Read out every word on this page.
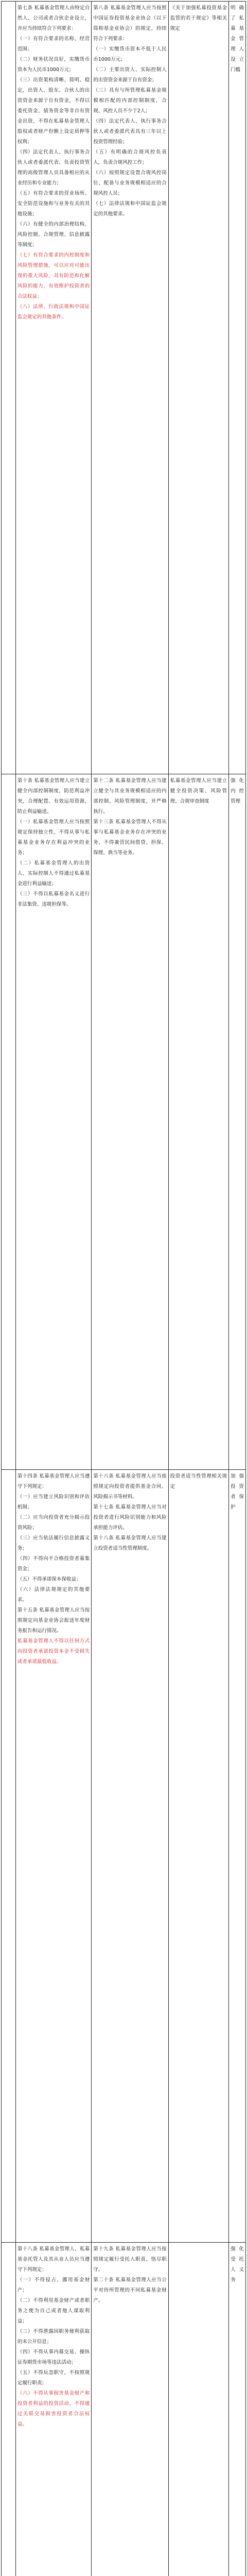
第七条 私募基金管理人由特定自然人、公司或者合伙企业设立，并应当持续符合下列要求：
（一）有符合要求的名称、经营范围；
（二）财务状况良好，实缴货币资本为人民币1000万元；
（三）出资架构清晰、简明、稳定，出资人、股东、合伙人的出资资金来源于自有资金，不得以委托资金、债务资金等非自有资金出资，不得在私募基金管理人股权或者财产份额上设定质押等权利；
（四）法定代表人、执行事务合伙人或者委派代表、负责投资管理的高级管理人员具备相应的从业经历和专业能力；
（五）有符合要求的营业场所、安全防范设施和与业务有关的其他设施；
（六）有健全的内部治理结构、风险控制、合规管理、信息披露等制度；
（七）有符合要求的内控制度和风险管理措施，可以应对可能出现的重大风险，具有防范和化解风险的能力，有效维护投资者的合法权益；
（八）法律、行政法规和中国证监会规定的其他条件。
第八条 私募基金管理人应当按照中国证券投资基金业协会（以下简称基金业协会）的规定，持续符合下列要求：
（一）实缴货币资本不低于人民币1000万元；
（二）主要出资人、实际控制人的出资资金来源于自有资金；
（三）具有与所管理私募基金规模相匹配的内部控制制度，合规、风控人员不少于2人；
（四）法定代表人、执行事务合伙人或者委派代表具有三年以上投资管理经验；
（五）有明确的合规风控负责人，负责合规风控工作；
（六）按照规定设置合规风控岗位，配备与业务规模相适应的合规风控人员；
（七）法律法规和中国证监会规定的其他要求。
《关于加强私募投资基金监管的若干规定》等相关规定
明确了私募基金管理人设立门槛
第十条 私募基金管理人应当建立健全内部控制制度，防范利益冲突，合理配置、有效运用资源，防止利益输送。
（一）私募基金管理人应当按照规定保持独立性，不得从事与私募基金业务存在利益冲突的业务；
（二）私募基金管理人的出资人、实际控制人不得通过私募基金进行利益输送；
（三）不得以私募基金名义进行非法集资、违规担保等。
第十二条 私募基金管理人应当建立健全与其业务规模相适应的内部控制、风险管理制度，并严格执行。
第十三条 私募基金管理人不得从事与私募基金业务存在冲突的业务，不得兼营民间借贷、担保、保理、典当等业务。
私募基金管理人应当建立健全投资决策、风险管理、合规审查制度
强化内控管理
第十四条 私募基金管理人应当遵守下列规定：
（一）应当建立风险识别和评估机制；
（二）应当向投资者充分揭示投资风险；
（三）应当依法履行信息披露义务；
（四）不得向不合格投资者募集资金；
（五）不得承诺保本保收益；
（六）法律法规规定的其他要求。
第十五条 私募基金管理人应当按照规定向基金业协会报送年度财务报告和运行情况。
私募基金管理人不得以任何方式向投资者承诺投资本金不受损失或者承诺最低收益。
第十六条 私募基金管理人应当按照规定向投资者提供基金合同、风险揭示书等材料。
第十七条 私募基金管理人应当对投资者进行风险识别能力和风险承担能力评估。
第十八条 私募基金管理人应当建立投资者适当性管理制度。
投资者适当性管理相关规定
加强投资者保护
第十八条 私募基金管理人、私募基金托管人及其从业人员应当遵守下列规定：
（一）不得侵占、挪用基金财产；
（二）不得利用基金财产或者职务之便为自己或者他人谋取利益；
（三）不得泄露因职务便利获取的未公开信息；
（四）不得从事内幕交易、操纵证券期货市场等违法活动；
（五）不得玩忽职守，不按照规定履行职责；
（六）不得从事损害基金财产和投资者利益的投资活动，不得通过关联交易损害投资者合法权益。
第十九条 私募基金管理人应当按照规定履行受托人职责，恪尽职守。
第二十条 私募基金管理人应当公平对待所管理的不同私募基金财产。
强化受托人义务
